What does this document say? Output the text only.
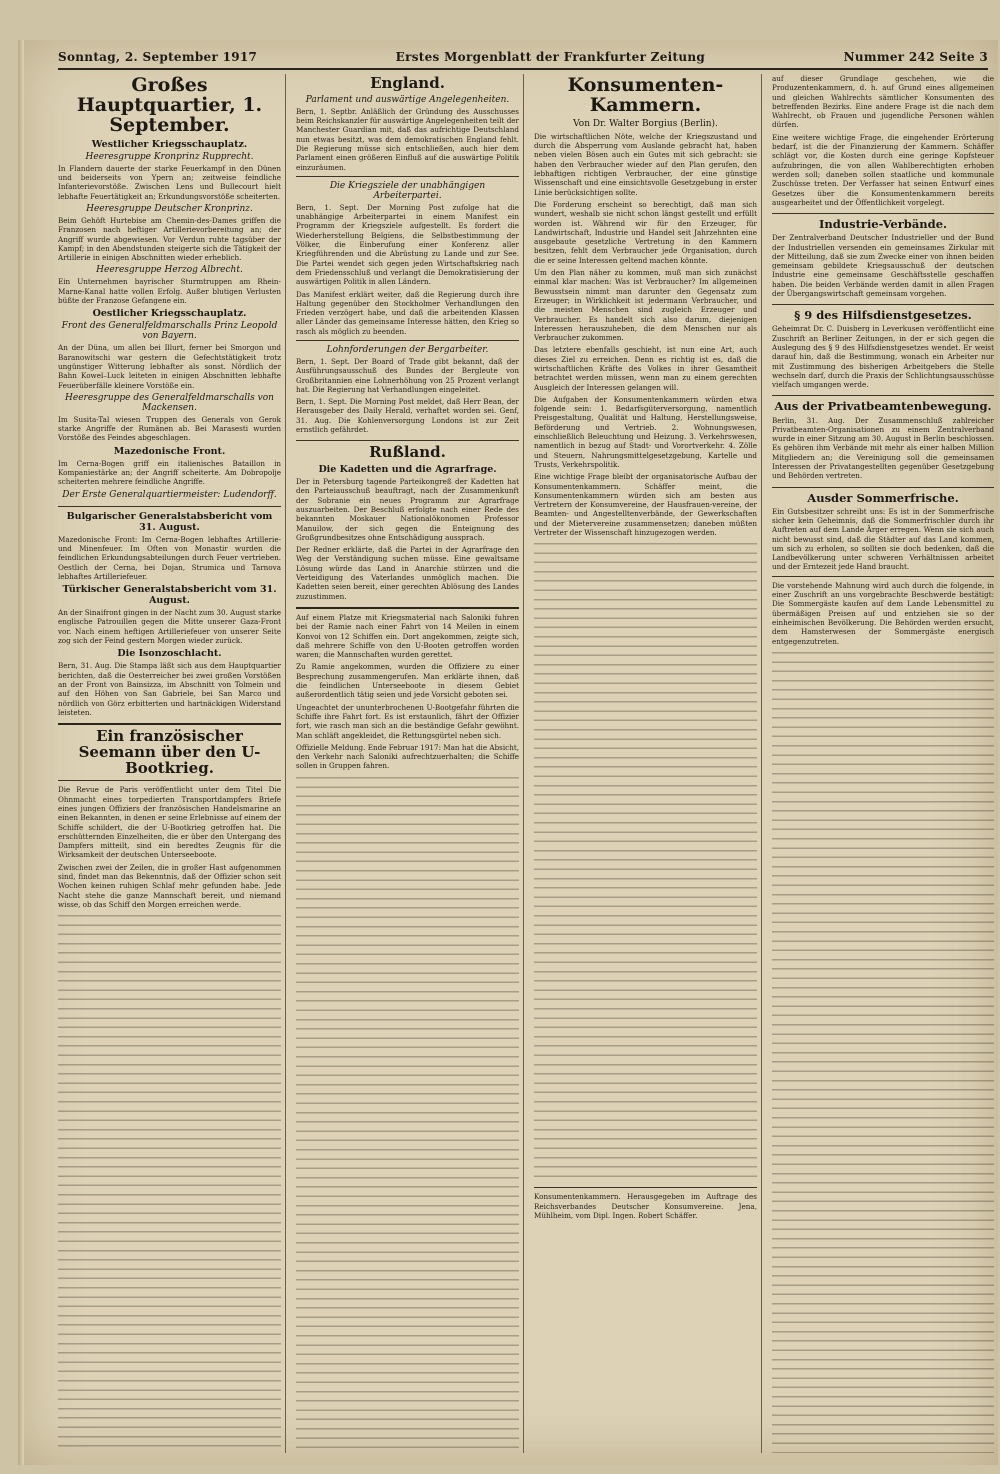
Sonntag, 2. September 1917	Erstes Morgenblatt der Frankfurter Zeitung	Nummer 242 Seite 3
Großes Hauptquartier, 1. September.
Westlicher Kriegsschauplatz.
Heeresgruppe Kronprinz Rupprecht.

In Flandern dauerte der starke Feuerkampf in den Dünen und beiderseits von Ypern an; zeitweise feindliche Infanterievorstöße. Zwischen Lens und Bullecourt hielt lebhafte Feuertätigkeit an; Erkundungsvorstöße scheiterten.

Heeresgruppe Deutscher Kronprinz.

Beim Gehöft Hurtebise am Chemin-des-Dames griffen die Franzosen nach heftiger Artillerievorbereitung an; der Angriff wurde abgewiesen. Vor Verdun ruhte tagsüber der Kampf; in den Abendstunden steigerte sich die Tätigkeit der Artillerie in einigen Abschnitten wieder erheblich.

Heeresgruppe Herzog Albrecht.

Ein Unternehmen bayrischer Sturmtruppen am Rhein-Marne-Kanal hatte vollen Erfolg. Außer blutigen Verlusten büßte der Franzose Gefangene ein.

Oestlicher Kriegsschauplatz.
Front des Generalfeldmarschalls Prinz Leopold von Bayern.

An der Düna, um allen bei Illurt, ferner bei Smorgon und Baranowitschi war gestern die Gefechtstätigkeit trotz ungünstiger Witterung lebhafter als sonst. Nördlich der Bahn Kowel–Luck leiteten in einigen Abschnitten lebhafte Feuerüberfälle kleinere Vorstöße ein.

Heeresgruppe des Generalfeldmarschalls von Mackensen.

Im Susita-Tal wiesen Truppen des Generals von Gerok starke Angriffe der Rumänen ab. Bei Marasesti wurden Vorstöße des Feindes abgeschlagen.

Mazedonische Front.

Im Cerna-Bogen griff ein italienisches Bataillon in Kompaniestärke an; der Angriff scheiterte. Am Dobropolje scheiterten mehrere feindliche Angriffe.

Der Erste Generalquartiermeister: Ludendorff.
Bulgarischer Generalstabsbericht vom 31. August.

Mazedonische Front: Im Cerna-Bogen lebhaftes Artillerie- und Minenfeuer. Im Often von Monastir wurden die feindlichen Erkundungsabteilungen durch Feuer vertrieben. Oestlich der Cerna, bei Dojan, Strumica und Tarnova lebhaftes Artilleriefeuer.

Türkischer Generalstabsbericht vom 31. August.

An der Sinaifront gingen in der Nacht zum 30. August starke englische Patrouillen gegen die Mitte unserer Gaza-Front vor. Nach einem heftigen Artilleriefeuer von unserer Seite zog sich der Feind gestern Morgen wieder zurück.

Die Isonzoschlacht.

Bern, 31. Aug. Die Stampa läßt sich aus dem Hauptquartier berichten, daß die Oesterreicher bei zwei großen Vorstößen an der Front von Bainsizza, im Abschnitt von Tolmein und auf den Höhen von San Gabriele, bei San Marco und nördlich von Görz erbitterten und hartnäckigen Widerstand leisteten.

Ein französischer Seemann über den U-Bootkrieg.

Die Revue de Paris veröffentlicht unter dem Titel Die Ohnmacht eines torpedierten Transportdampfers Briefe eines jungen Offiziers der französischen Handelsmarine an einen Bekannten, in denen er seine Erlebnisse auf einem der Schiffe schildert, die der U-Bootkrieg getroffen hat. Die erschütternden Einzelheiten, die er über den Untergang des Dampfers mitteilt, sind ein beredtes Zeugnis für die Wirksamkeit der deutschen Unterseeboote.

Zwischen zwei der Zeilen, die in großer Hast aufgenommen sind, findet man das Bekenntnis, daß der Offizier schon seit Wochen keinen ruhigen Schlaf mehr gefunden habe. Jede Nacht stehe die ganze Mannschaft bereit, und niemand wisse, ob das Schiff den Morgen erreichen werde.

England.
Parlament und auswärtige Angelegenheiten.

Bern, 1. Septbr. Anläßlich der Gründung des Ausschusses beim Reichskanzler für auswärtige Angelegenheiten teilt der Manchester Guardian mit, daß das aufrichtige Deutschland nun etwas besitzt, was dem demokratischen England fehlt. Die Regierung müsse sich entschließen, auch hier dem Parlament einen größeren Einfluß auf die auswärtige Politik einzuräumen.

Die Kriegsziele der unabhängigen Arbeiterpartei.

Bern, 1. Sept. Der Morning Post zufolge hat die unabhängige Arbeiterpartei in einem Manifest ein Programm der Kriegsziele aufgestellt. Es fordert die Wiederherstellung Belgiens, die Selbstbestimmung der Völker, die Einberufung einer Konferenz aller Kriegführenden und die Abrüstung zu Lande und zur See. Die Partei wendet sich gegen jeden Wirtschaftskrieg nach dem Friedensschluß und verlangt die Demokratisierung der auswärtigen Politik in allen Ländern.

Das Manifest erklärt weiter, daß die Regierung durch ihre Haltung gegenüber den Stockholmer Verhandlungen den Frieden verzögert habe, und daß die arbeitenden Klassen aller Länder das gemeinsame Interesse hätten, den Krieg so rasch als möglich zu beenden.

Lohnforderungen der Bergarbeiter.

Bern, 1. Sept. Der Board of Trade gibt bekannt, daß der Ausführungsausschuß des Bundes der Bergleute von Großbritannien eine Lohnerhöhung von 25 Prozent verlangt hat. Die Regierung hat Verhandlungen eingeleitet.

Bern, 1. Sept. Die Morning Post meldet, daß Herr Bean, der Herausgeber des Daily Herald, verhaftet worden sei. Genf, 31. Aug. Die Kohlenversorgung Londons ist zur Zeit ernstlich gefährdet.

Rußland.
Die Kadetten und die Agrarfrage.

Der in Petersburg tagende Parteikongreß der Kadetten hat den Parteiausschuß beauftragt, nach der Zusammenkunft der Sobranie ein neues Programm zur Agrarfrage auszuarbeiten. Der Beschluß erfolgte nach einer Rede des bekannten Moskauer Nationalökonomen Professor Manuilow, der sich gegen die Enteignung des Großgrundbesitzes ohne Entschädigung aussprach.

Der Redner erklärte, daß die Partei in der Agrarfrage den Weg der Verständigung suchen müsse. Eine gewaltsame Lösung würde das Land in Anarchie stürzen und die Verteidigung des Vaterlandes unmöglich machen. Die Kadetten seien bereit, einer gerechten Ablösung des Landes zuzustimmen.

Auf einem Platze mit Kriegsmaterial nach Saloniki fuhren bei der Ramie nach einer Fahrt von 14 Meilen in einem Konvoi von 12 Schiffen ein. Dort angekommen, zeigte sich, daß mehrere Schiffe von den U-Booten getroffen worden waren; die Mannschaften wurden gerettet.

Zu Ramie angekommen, wurden die Offiziere zu einer Besprechung zusammengerufen. Man erklärte ihnen, daß die feindlichen Unterseeboote in diesem Gebiet außerordentlich tätig seien und jede Vorsicht geboten sei.

Ungeachtet der ununterbrochenen U-Bootgefahr führten die Schiffe ihre Fahrt fort. Es ist erstaunlich, fährt der Offizier fort, wie rasch man sich an die beständige Gefahr gewöhnt. Man schläft angekleidet, die Rettungsgürtel neben sich.

Offizielle Meldung. Ende Februar 1917: Man hat die Absicht, den Verkehr nach Saloniki aufrechtzuerhalten; die Schiffe sollen in Gruppen fahren.

Konsumenten-Kammern.
Von Dr. Walter Borgius (Berlin).

Die wirtschaftlichen Nöte, welche der Kriegszustand und durch die Absperrung vom Auslande gebracht hat, haben neben vielen Bösen auch ein Gutes mit sich gebracht: sie haben den Verbraucher wieder auf den Plan gerufen, den lebhaftigen richtigen Verbraucher, der eine günstige Wissenschaft und eine einsichtsvolle Gesetzgebung in erster Linie berücksichtigen sollte.

Die Forderung erscheint so berechtigt, daß man sich wundert, weshalb sie nicht schon längst gestellt und erfüllt worden ist. Während wir für den Erzeuger, für Landwirtschaft, Industrie und Handel seit Jahrzehnten eine ausgebaute gesetzliche Vertretung in den Kammern besitzen, fehlt dem Verbraucher jede Organisation, durch die er seine Interessen geltend machen könnte.

Um den Plan näher zu kommen, muß man sich zunächst einmal klar machen: Was ist Verbraucher? Im allgemeinen Bewusstsein nimmt man darunter den Gegensatz zum Erzeuger; in Wirklichkeit ist jedermann Verbraucher, und die meisten Menschen sind zugleich Erzeuger und Verbraucher. Es handelt sich also darum, diejenigen Interessen herauszuheben, die dem Menschen nur als Verbraucher zukommen.

Das letztere ebenfalls geschieht, ist nun eine Art, auch dieses Ziel zu erreichen. Denn es richtig ist es, daß die wirtschaftlichen Kräfte des Volkes in ihrer Gesamtheit betrachtet werden müssen, wenn man zu einem gerechten Ausgleich der Interessen gelangen will.

Die Aufgaben der Konsumentenkammern würden etwa folgende sein: 1. Bedarfsgüterversorgung, namentlich Preisgestaltung, Qualität und Haltung, Herstellungsweise, Beförderung und Vertrieb. 2. Wohnungswesen, einschließlich Beleuchtung und Heizung. 3. Verkehrswesen, namentlich in bezug auf Stadt- und Vorortverkehr. 4. Zölle und Steuern, Nahrungsmittelgesetzgebung, Kartelle und Trusts, Verkehrspolitik.

Eine wichtige Frage bleibt der organisatorische Aufbau der Konsumentenkammern. Schäffer meint, die Konsumentenkammern würden sich am besten aus Vertretern der Konsumvereine, der Hausfrauen-vereine, der Beamten- und Angestelltenverbände, der Gewerkschaften und der Mietervereine zusammensetzen; daneben müßten Vertreter der Wissenschaft hinzugezogen werden.

Konsumentenkammern. Herausgegeben im Auftrage des Reichsverbandes Deutscher Konsumvereine. Jena, Mühlheim, vom Dipl. Ingen. Robert Schäffer.

auf dieser Grundlage geschehen, wie die Produzentenkammern, d. h. auf Grund eines allgemeinen und gleichen Wahlrechts sämtlicher Konsumenten des betreffenden Bezirks. Eine andere Frage ist die nach dem Wahlrecht, ob Frauen und jugendliche Personen wählen dürfen.

Eine weitere wichtige Frage, die eingehender Erörterung bedarf, ist die der Finanzierung der Kammern. Schäffer schlägt vor, die Kosten durch eine geringe Kopfsteuer aufzubringen, die von allen Wahlberechtigten erhoben werden soll; daneben sollen staatliche und kommunale Zuschüsse treten. Der Verfasser hat seinen Entwurf eines Gesetzes über die Konsumentenkammern bereits ausgearbeitet und der Öffentlichkeit vorgelegt.

Industrie-Verbände.

Der Zentralverband Deutscher Industrieller und der Bund der Industriellen versenden ein gemeinsames Zirkular mit der Mitteilung, daß sie zum Zwecke einer von ihnen beiden gemeinsam gebildete Kriegsausschuß der deutschen Industrie eine gemeinsame Geschäftsstelle geschaffen haben. Die beiden Verbände werden damit in allen Fragen der Übergangswirtschaft gemeinsam vorgehen.

§ 9 des Hilfsdienstgesetzes.

Geheimrat Dr. C. Duisberg in Leverkusen veröffentlicht eine Zuschrift an Berliner Zeitungen, in der er sich gegen die Auslegung des § 9 des Hilfsdienstgesetzes wendet. Er weist darauf hin, daß die Bestimmung, wonach ein Arbeiter nur mit Zustimmung des bisherigen Arbeitgebers die Stelle wechseln darf, durch die Praxis der Schlichtungsausschüsse vielfach umgangen werde.

Aus der Privatbeamtenbewegung.

Berlin, 31. Aug. Der Zusammenschluß zahlreicher Privatbeamten-Organisationen zu einem Zentralverband wurde in einer Sitzung am 30. August in Berlin beschlossen. Es gehören ihm Verbände mit mehr als einer halben Million Mitgliedern an; die Vereinigung soll die gemeinsamen Interessen der Privatangestellten gegenüber Gesetzgebung und Behörden vertreten.

Ausder Sommerfrische.

Ein Gutsbesitzer schreibt uns: Es ist in der Sommerfrische sicher kein Geheimnis, daß die Sommerfrischler durch ihr Auftreten auf dem Lande Ärger erregen. Wenn sie sich auch nicht bewusst sind, daß die Städter auf das Land kommen, um sich zu erholen, so sollten sie doch bedenken, daß die Landbevölkerung unter schweren Verhältnissen arbeitet und der Erntezeit jede Hand braucht.

Die vorstehende Mahnung wird auch durch die folgende, in einer Zuschrift an uns vorgebrachte Beschwerde bestätigt: Die Sommergäste kaufen auf dem Lande Lebensmittel zu übermäßigen Preisen auf und entziehen sie so der einheimischen Bevölkerung. Die Behörden werden ersucht, dem Hamsterwesen der Sommergäste energisch entgegenzutreten.
